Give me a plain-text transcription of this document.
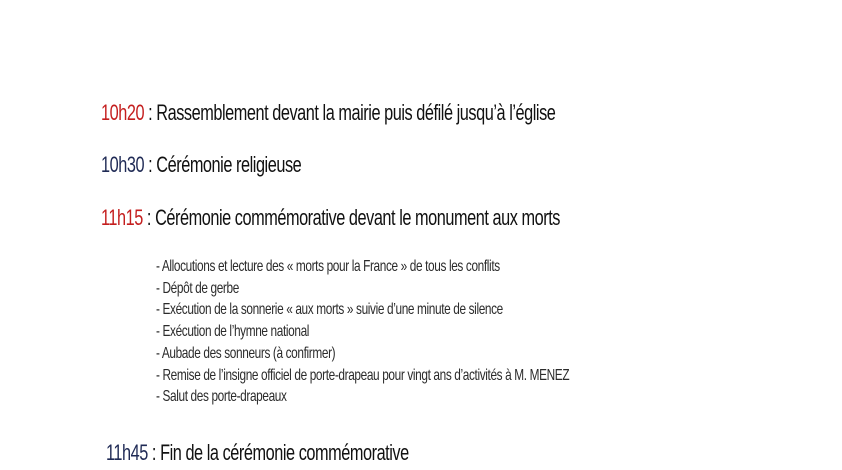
10h20 : Rassemblement devant la mairie puis défilé jusqu’à l’église
10h30 : Cérémonie religieuse
11h15 : Cérémonie commémorative devant le monument aux morts
- Allocutions et lecture des « morts pour la France » de tous les conflits
- Dépôt de gerbe
- Exécution de la sonnerie « aux morts » suivie d’une minute de silence
- Exécution de l’hymne national
- Aubade des sonneurs (à confirmer)
- Remise de l’insigne officiel de porte-drapeau pour vingt ans d’activités à M. MENEZ
- Salut des porte-drapeaux
11h45 : Fin de la cérémonie commémorative
